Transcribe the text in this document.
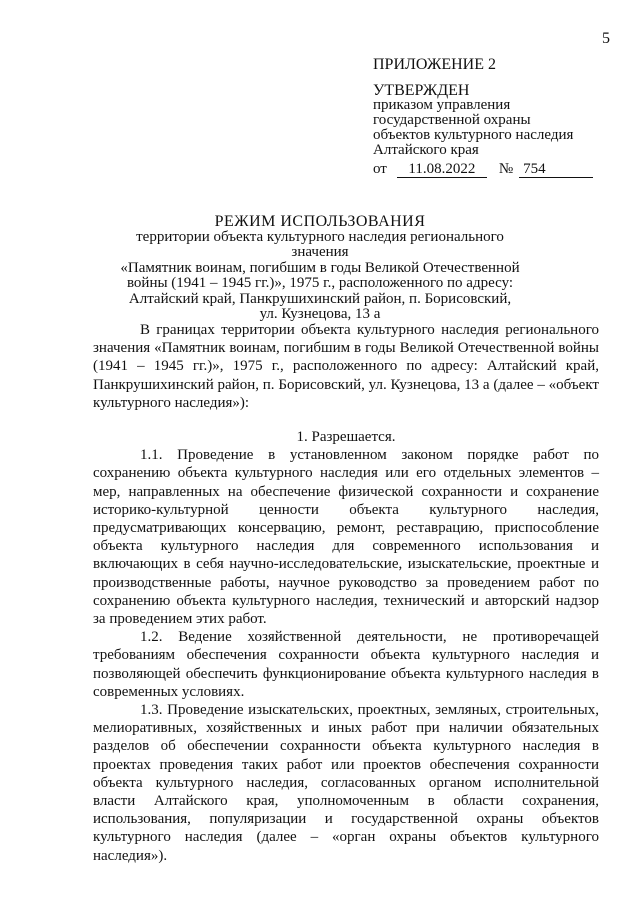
5
ПРИЛОЖЕНИЕ 2
УТВЕРЖДЕН
приказом управления
государственной охраны
объектов культурного наследия
Алтайского края
от 11.08.2022 № 754
РЕЖИМ ИСПОЛЬЗОВАНИЯ
территории объекта культурного наследия регионального значения
«Памятник воинам, погибшим в годы Великой Отечественной
войны (1941 – 1945 гг.)», 1975 г., расположенного по адресу:
Алтайский край, Панкрушихинский район, п. Борисовский,
ул. Кузнецова, 13 а

В границах территории объекта культурного наследия регионального значения «Памятник воинам, погибшим в годы Великой Отечественной войны (1941 – 1945 гг.)», 1975 г., расположенного по адресу: Алтайский край, Панкрушихинский район, п. Борисовский, ул. Кузнецова, 13 а (далее – «объект культурного наследия»):

1. Разрешается.

1.1. Проведение в установленном законом порядке работ по сохранению объекта культурного наследия или его отдельных элементов – мер, направленных на обеспечение физической сохранности и сохранение историко-культурной ценности объекта культурного наследия, предусматривающих консервацию, ремонт, реставрацию, приспособление объекта культурного наследия для современного использования и включающих в себя научно-исследовательские, изыскательские, проектные и производственные работы, научное руководство за проведением работ по сохранению объекта культурного наследия, технический и авторский надзор за проведением этих работ.

1.2. Ведение хозяйственной деятельности, не противоречащей требованиям обеспечения сохранности объекта культурного наследия и позволяющей обеспечить функционирование объекта культурного наследия в современных условиях.

1.3. Проведение изыскательских, проектных, земляных, строительных, мелиоративных, хозяйственных и иных работ при наличии обязательных разделов об обеспечении сохранности объекта культурного наследия в проектах проведения таких работ или проектов обеспечения сохранности объекта культурного наследия, согласованных органом исполнительной власти Алтайского края, уполномоченным в области сохранения, использования, популяризации и государственной охраны объектов культурного наследия (далее – «орган охраны объектов культурного наследия»).
